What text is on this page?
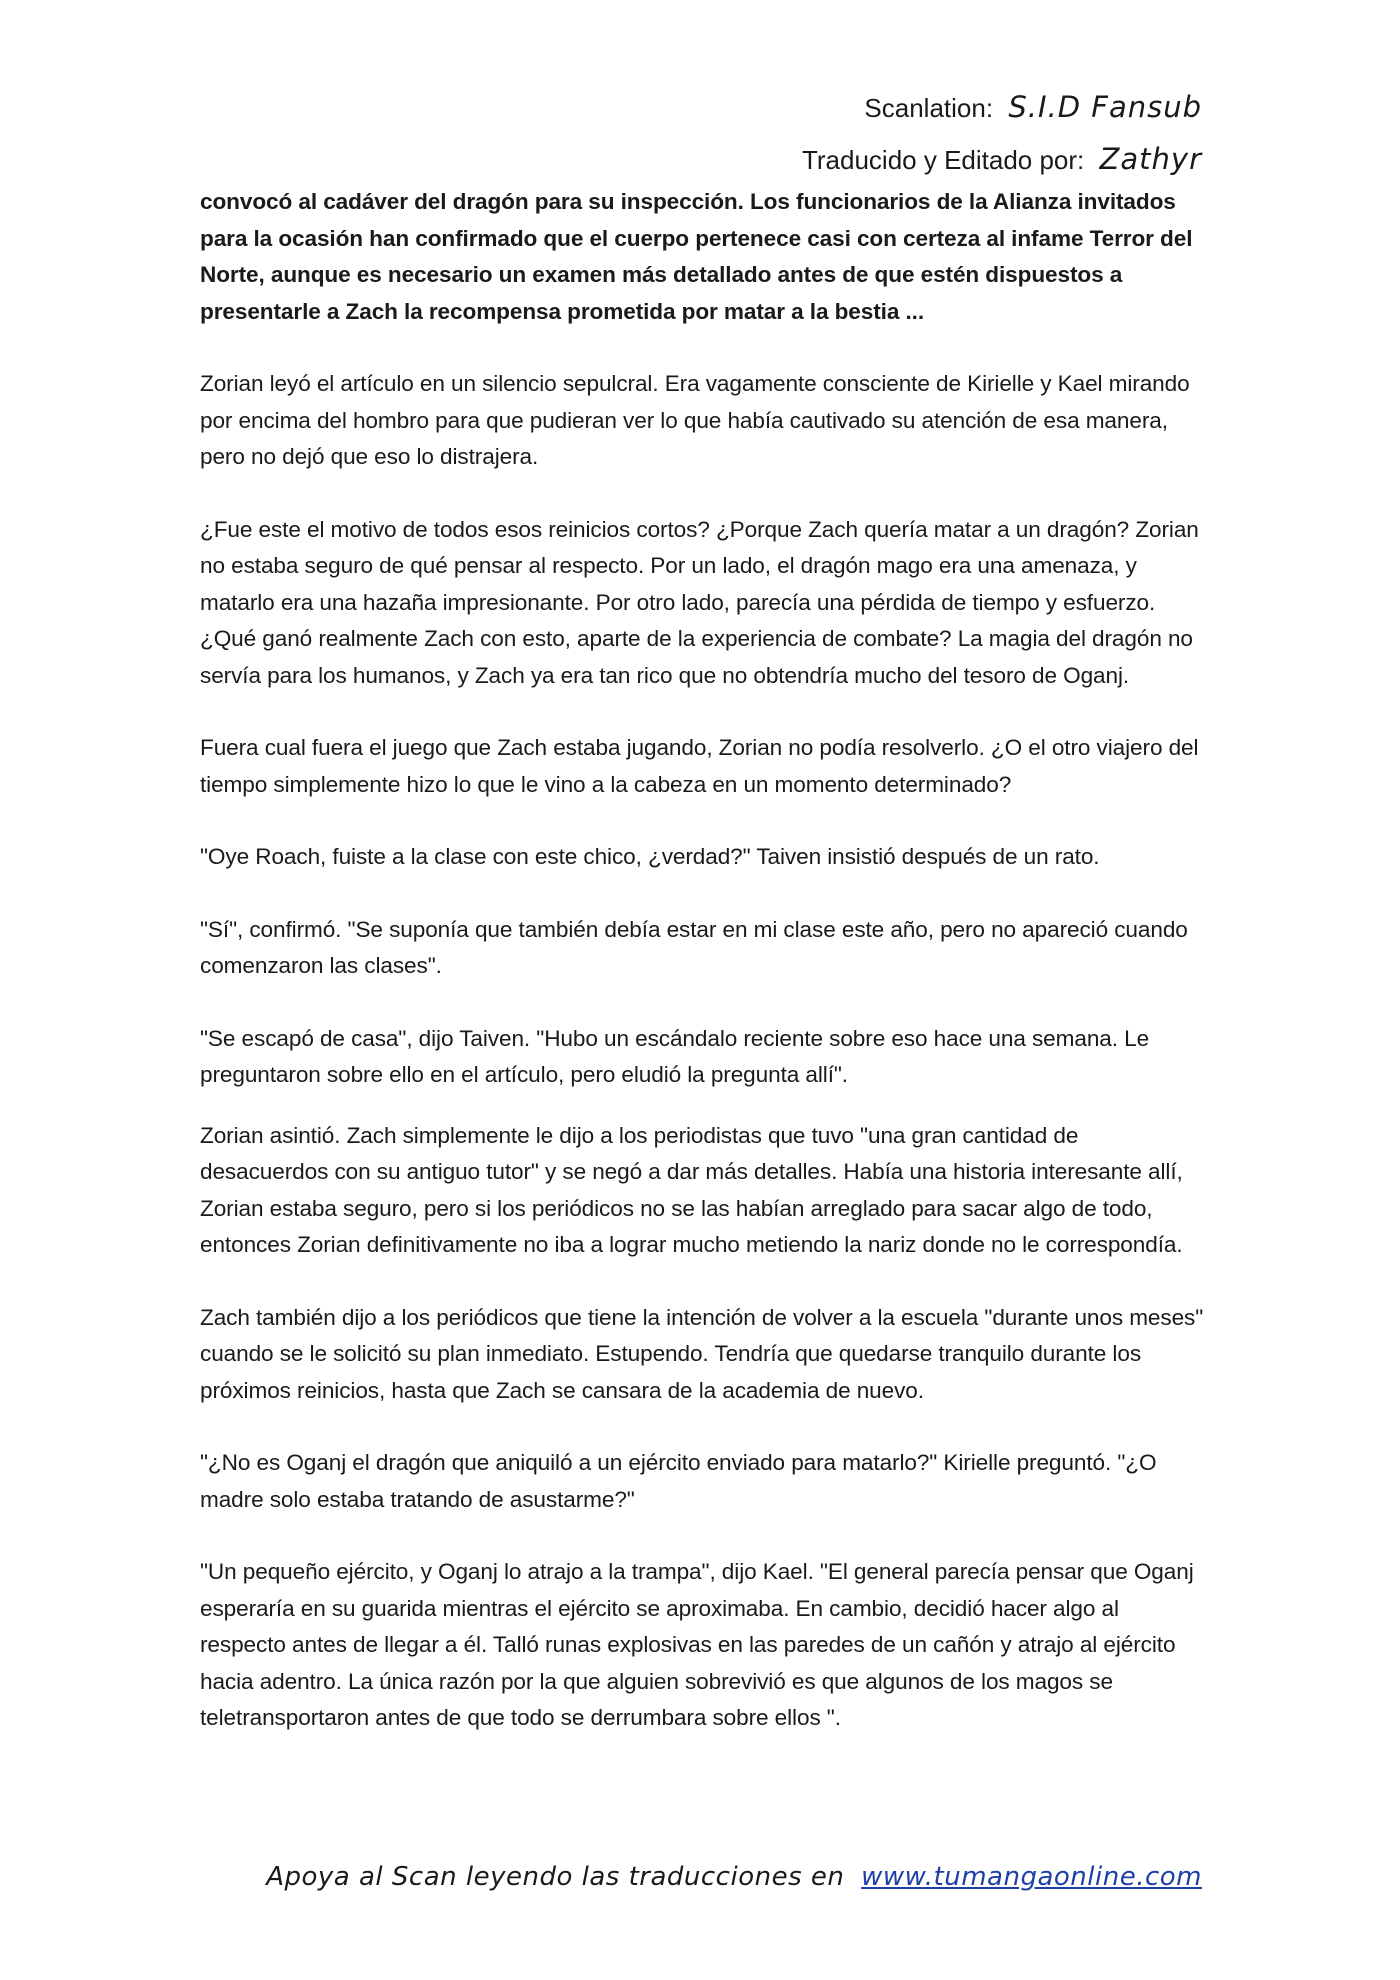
Scanlation: S.I.D Fansub
Traducido y Editado por: Zathyr

convocó al cadáver del dragón para su inspección. Los funcionarios de la Alianza invitados para la ocasión han confirmado que el cuerpo pertenece casi con certeza al infame Terror del Norte, aunque es necesario un examen más detallado antes de que estén dispuestos a presentarle a Zach la recompensa prometida por matar a la bestia ...

Zorian leyó el artículo en un silencio sepulcral. Era vagamente consciente de Kirielle y Kael mirando por encima del hombro para que pudieran ver lo que había cautivado su atención de esa manera, pero no dejó que eso lo distrajera.

¿Fue este el motivo de todos esos reinicios cortos? ¿Porque Zach quería matar a un dragón? Zorian no estaba seguro de qué pensar al respecto. Por un lado, el dragón mago era una amenaza, y matarlo era una hazaña impresionante. Por otro lado, parecía una pérdida de tiempo y esfuerzo. ¿Qué ganó realmente Zach con esto, aparte de la experiencia de combate? La magia del dragón no servía para los humanos, y Zach ya era tan rico que no obtendría mucho del tesoro de Oganj.

Fuera cual fuera el juego que Zach estaba jugando, Zorian no podía resolverlo. ¿O el otro viajero del tiempo simplemente hizo lo que le vino a la cabeza en un momento determinado?

"Oye Roach, fuiste a la clase con este chico, ¿verdad?" Taiven insistió después de un rato.

"Sí", confirmó. "Se suponía que también debía estar en mi clase este año, pero no apareció cuando comenzaron las clases".

"Se escapó de casa", dijo Taiven. "Hubo un escándalo reciente sobre eso hace una semana. Le preguntaron sobre ello en el artículo, pero eludió la pregunta allí".

Zorian asintió. Zach simplemente le dijo a los periodistas que tuvo "una gran cantidad de desacuerdos con su antiguo tutor" y se negó a dar más detalles. Había una historia interesante allí, Zorian estaba seguro, pero si los periódicos no se las habían arreglado para sacar algo de todo, entonces Zorian definitivamente no iba a lograr mucho metiendo la nariz donde no le correspondía.

Zach también dijo a los periódicos que tiene la intención de volver a la escuela "durante unos meses" cuando se le solicitó su plan inmediato. Estupendo. Tendría que quedarse tranquilo durante los próximos reinicios, hasta que Zach se cansara de la academia de nuevo.

"¿No es Oganj el dragón que aniquiló a un ejército enviado para matarlo?" Kirielle preguntó. "¿O madre solo estaba tratando de asustarme?"

"Un pequeño ejército, y Oganj lo atrajo a la trampa", dijo Kael. "El general parecía pensar que Oganj esperaría en su guarida mientras el ejército se aproximaba. En cambio, decidió hacer algo al respecto antes de llegar a él. Talló runas explosivas en las paredes de un cañón y atrajo al ejército hacia adentro. La única razón por la que alguien sobrevivió es que algunos de los magos se teletransportaron antes de que todo se derrumbara sobre ellos ".

Apoya al Scan leyendo las traducciones en www.tumangaonline.com
